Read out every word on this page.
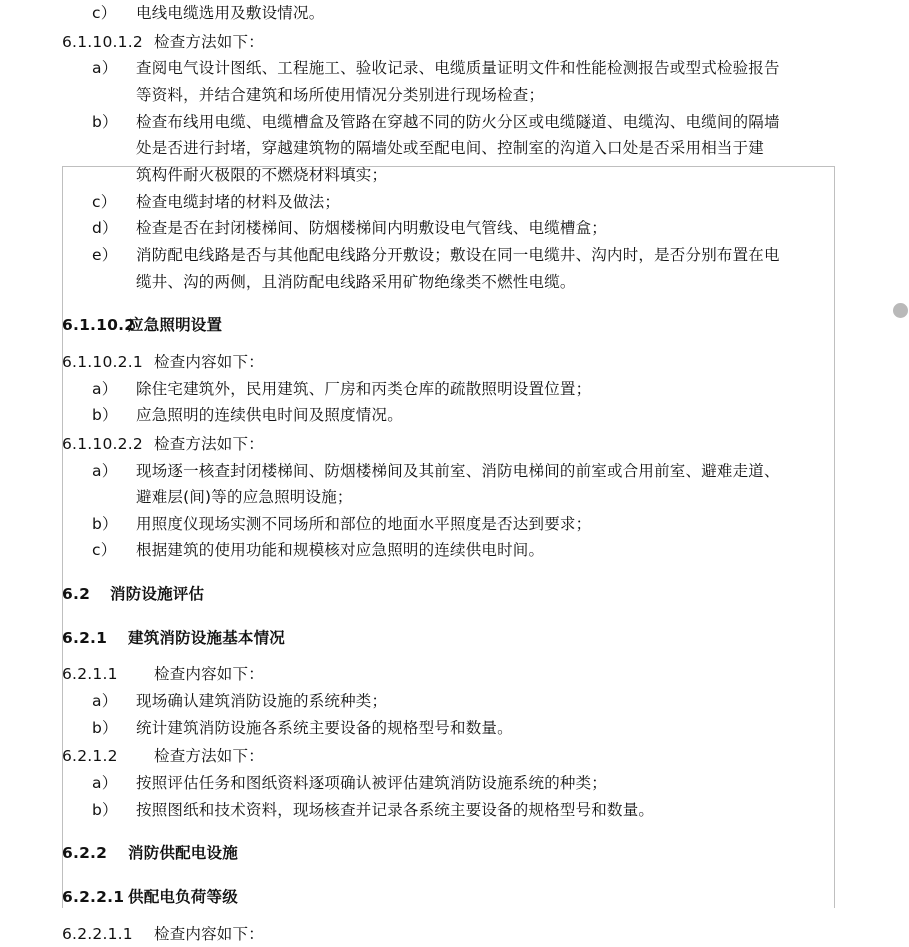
c）	电线电缆选用及敷设情况。
6.1.10.1.2 检查方法如下：
a）	查阅电气设计图纸、工程施工、验收记录、电缆质量证明文件和性能检测报告或型式检验报告
等资料，并结合建筑和场所使用情况分类别进行现场检查；
b）	检查布线用电缆、电缆槽盒及管路在穿越不同的防火分区或电缆隧道、电缆沟、电缆间的隔墙
处是否进行封堵，穿越建筑物的隔墙处或至配电间、控制室的沟道入口处是否采用相当于建
筑构件耐火极限的不燃烧材料填实；
c）	检查电缆封堵的材料及做法；
d）	检查是否在封闭楼梯间、防烟楼梯间内明敷设电气管线、电缆槽盒；
e）	消防配电线路是否与其他配电线路分开敷设；敷设在同一电缆井、沟内时，是否分别布置在电
缆井、沟的两侧，且消防配电线路采用矿物绝缘类不燃性电缆。
6.1.10.2
应急照明设置
6.1.10.2.1 检查内容如下：
a）	除住宅建筑外，民用建筑、厂房和丙类仓库的疏散照明设置位置；
b）	应急照明的连续供电时间及照度情况。
6.1.10.2.2 检查方法如下：
a）	现场逐一核查封闭楼梯间、防烟楼梯间及其前室、消防电梯间的前室或合用前室、避难走道、
避难层(间)等的应急照明设施；
b）	用照度仪现场实测不同场所和部位的地面水平照度是否达到要求；
c）	根据建筑的使用功能和规模核对应急照明的连续供电时间。
6.2	消防设施评估
6.2.1	建筑消防设施基本情况
6.2.1.1	检查内容如下：
a）	现场确认建筑消防设施的系统种类；
b）	统计建筑消防设施各系统主要设备的规格型号和数量。
6.2.1.2	检查方法如下：
a）	按照评估任务和图纸资料逐项确认被评估建筑消防设施系统的种类；
b）	按照图纸和技术资料，现场核查并记录各系统主要设备的规格型号和数量。
6.2.2	消防供配电设施
6.2.2.1 供配电负荷等级
6.2.2.1.1	检查内容如下：
